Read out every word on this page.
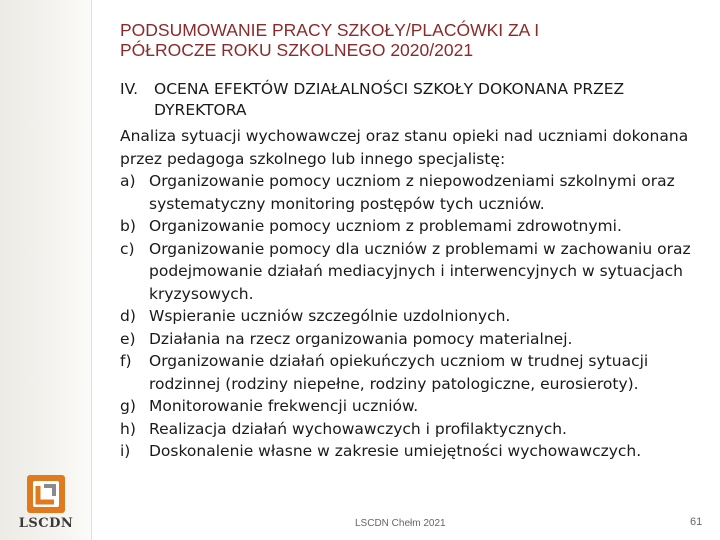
LSCDN
PODSUMOWANIE PRACY SZKOŁY/PLACÓWKI ZA I
PÓŁROCZE ROKU SZKOLNEGO 2020/2021
IV.	OCENA EFEKTÓW DZIAŁALNOŚCI SZKOŁY DOKONANA PRZEZ DYREKTORA
Analiza sytuacji wychowawczej oraz stanu opieki nad uczniami dokonana przez pedagoga szkolnego lub innego specjalistę:
a) Organizowanie pomocy uczniom z niepowodzeniami szkolnymi oraz systematyczny monitoring postępów tych uczniów.
b) Organizowanie pomocy uczniom z problemami zdrowotnymi.
c) Organizowanie pomocy dla uczniów z problemami w zachowaniu oraz podejmowanie działań mediacyjnych i interwencyjnych w sytuacjach kryzysowych.
d) Wspieranie uczniów szczególnie uzdolnionych.
e) Działania na rzecz organizowania pomocy materialnej.
f)	Organizowanie działań opiekuńczych uczniom w trudnej sytuacji rodzinnej (rodziny niepełne, rodziny patologiczne, eurosieroty).
g) Monitorowanie frekwencji uczniów.
h) Realizacja działań wychowawczych i profilaktycznych.
i)	Doskonalenie własne w zakresie umiejętności wychowawczych.
LSCDN Chełm 2021	61
